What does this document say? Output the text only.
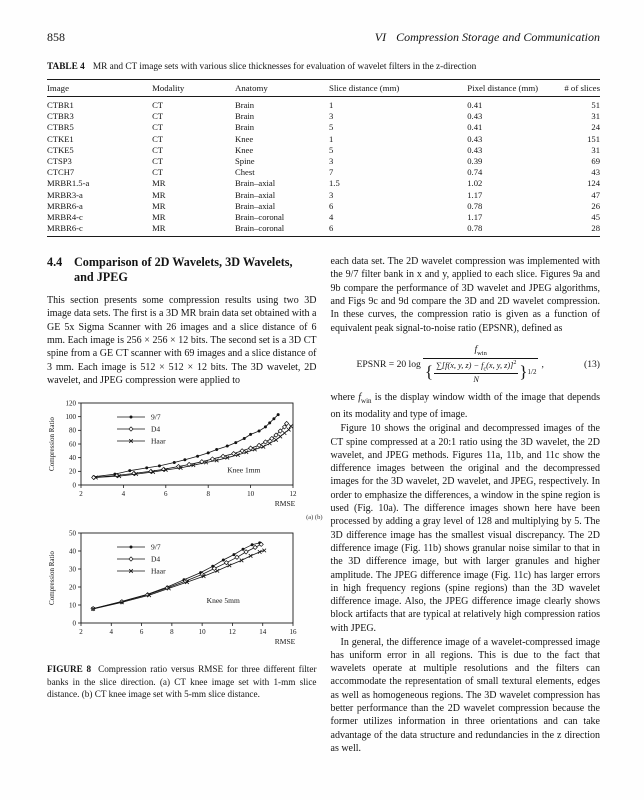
858	VI Compression Storage and Communication
TABLE 4 MR and CT image sets with various slice thicknesses for evaluation of wavelet filters in the z-direction
Image	Modality	Anatomy	Slice distance (mm)	Pixel distance (mm)	# of slices
CTBR1	CT	Brain	1	0.41	51
CTBR3	CT	Brain	3	0.43	31
CTBR5	CT	Brain	5	0.41	24
CTKE1	CT	Knee	1	0.43	151
CTKE5	CT	Knee	5	0.43	31
CTSP3	CT	Spine	3	0.39	69
CTCH7	CT	Chest	7	0.74	43
MRBR1.5-a	MR	Brain–axial	1.5	1.02	124
MRBR3-a	MR	Brain–axial	3	1.17	47
MRBR6-a	MR	Brain–axial	6	0.78	26
MRBR4-c	MR	Brain–coronal	4	1.17	45
MRBR6-c	MR	Brain–coronal	6	0.78	28
4.4 Comparison of 2D Wavelets, 3D Wavelets,
and JPEG

This section presents some compression results using two 3D image data sets. The first is a 3D MR brain data set obtained with a GE 5x Sigma Scanner with 26 images and a slice distance of 6 mm. Each image is 256 × 256 × 12 bits. The second set is a 3D CT spine from a GE CT scanner with 69 images and a slice distance of 3 mm. Each image is 512 × 512 × 12 bits. The 3D wavelet, 2D wavelet, and JPEG compression were applied to

2	4	6	8	10	12
0
20
40
60
80
100
120
RMSE
Compression Ratio
9/7
D4
Haar
Knee 1mm
(a) (b)
2	4	6	8	10	12	14	16
0
10
20
30
40
50
RMSE
Compression Ratio
9/7
D4
Haar
Knee 5mm
FIGURE 8 Compression ratio versus RMSE for three different filter banks in the slice direction. (a) CT knee image set with 1-mm slice distance. (b) CT knee image set with 5-mm slice distance.

each data set. The 2D wavelet compression was implemented with the 9/7 filter bank in x and y, applied to each slice. Figures 9a and 9b compare the performance of 3D wavelet and JPEG algorithms, and Figs 9c and 9d compare the 3D and 2D wavelet compression. In these curves, the compression ratio is given as a function of equivalent peak signal-to-noise ratio (EPSNR), defined as

EPSNR = 20 log
$f_{win}$
{ ∑[f(x, y, $z) - f_c(x$, y, z)]$^2$
N	} 1/2
,	(13)

where $f_{win}$ is the display window width of the image that depends on its modality and type of image.

Figure 10 shows the original and decompressed images of the CT spine compressed at a 20:1 ratio using the 3D wavelet, the 2D wavelet, and JPEG methods. Figures 11a, 11b, and 11c show the difference images between the original and the decompressed images for the 3D wavelet, 2D wavelet, and JPEG, respectively. In order to emphasize the differences, a window in the spine region is used (Fig. 10a). The difference images shown here have been processed by adding a gray level of 128 and multiplying by 5. The 3D difference image has the smallest visual discrepancy. The 2D difference image (Fig. 11b) shows granular noise similar to that in the 3D difference image, but with larger granules and higher amplitude. The JPEG difference image (Fig. 11c) has larger errors in high frequency regions (spine regions) than the 3D wavelet difference image. Also, the JPEG difference image clearly shows block artifacts that are typical at relatively high compression ratios with JPEG.

In general, the difference image of a wavelet-compressed image has uniform error in all regions. This is due to the fact that wavelets operate at multiple resolutions and the filters can accommodate the representation of small textural elements, edges as well as homogeneous regions. The 3D wavelet compression has better performance than the 2D wavelet compression because the former utilizes information in three orientations and can take advantage of the data structure and redundancies in the z direction as well.
